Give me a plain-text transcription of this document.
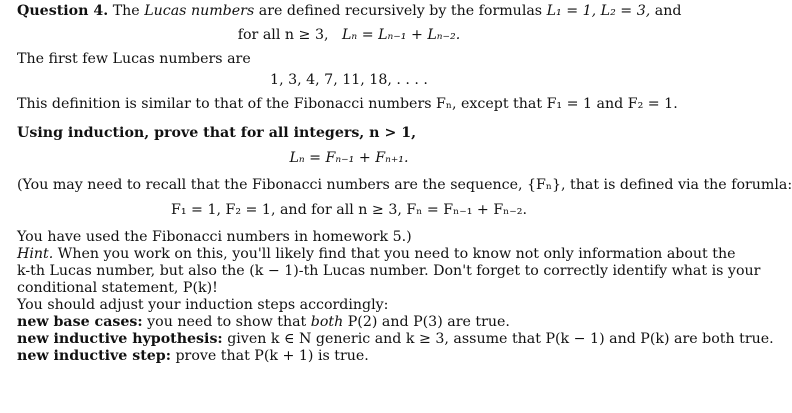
Question 4. The Lucas numbers are defined recursively by the formulas L₁ = 1, L₂ = 3, and
for all n ≥ 3, Lₙ = Lₙ₋₁ + Lₙ₋₂.
The first few Lucas numbers are
1, 3, 4, 7, 11, 18, . . . .
This definition is similar to that of the Fibonacci numbers Fₙ, except that F₁ = 1 and F₂ = 1.
Using induction, prove that for all integers, n > 1,
Lₙ = Fₙ₋₁ + Fₙ₊₁.
(You may need to recall that the Fibonacci numbers are the sequence, {Fₙ}, that is defined via the forumla:
F₁ = 1, F₂ = 1, and for all n ≥ 3, Fₙ = Fₙ₋₁ + Fₙ₋₂.
You have used the Fibonacci numbers in homework 5.)
Hint. When you work on this, you'll likely find that you need to know not only information about the
k-th Lucas number, but also the (k − 1)-th Lucas number. Don't forget to correctly identify what is your
conditional statement, P(k)!
You should adjust your induction steps accordingly:
new base cases: you need to show that both P(2) and P(3) are true.
new inductive hypothesis: given k ∈ N generic and k ≥ 3, assume that P(k − 1) and P(k) are both true.
new inductive step: prove that P(k + 1) is true.
